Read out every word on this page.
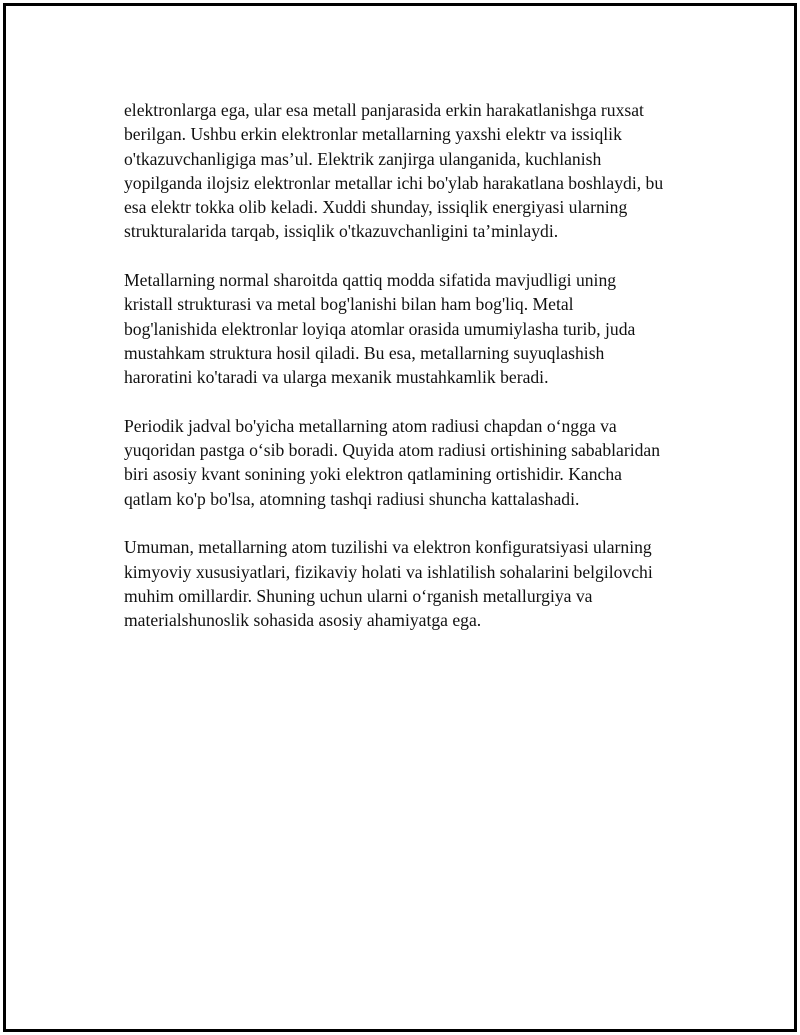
elektronlarga ega, ular esa metall panjarasida erkin harakatlanishga ruxsat
berilgan. Ushbu erkin elektronlar metallarning yaxshi elektr va issiqlik
o'tkazuvchanligiga mas’ul. Elektrik zanjirga ulanganida, kuchlanish
yopilganda ilojsiz elektronlar metallar ichi bo'ylab harakatlana boshlaydi, bu
esa elektr tokka olib keladi. Xuddi shunday, issiqlik energiyasi ularning
strukturalarida tarqab, issiqlik o'tkazuvchanligini ta’minlaydi.

Metallarning normal sharoitda qattiq modda sifatida mavjudligi uning
kristall strukturasi va metal bog'lanishi bilan ham bog'liq. Metal
bog'lanishida elektronlar loyiqa atomlar orasida umumiylasha turib, juda
mustahkam struktura hosil qiladi. Bu esa, metallarning suyuqlashish
haroratini ko'taradi va ularga mexanik mustahkamlik beradi.

Periodik jadval bo'yicha metallarning atom radiusi chapdan o‘ngga va
yuqoridan pastga o‘sib boradi. Quyida atom radiusi ortishining sabablaridan
biri asosiy kvant sonining yoki elektron qatlamining ortishidir. Kancha
qatlam ko'p bo'lsa, atomning tashqi radiusi shuncha kattalashadi.

Umuman, metallarning atom tuzilishi va elektron konfiguratsiyasi ularning
kimyoviy xususiyatlari, fizikaviy holati va ishlatilish sohalarini belgilovchi
muhim omillardir. Shuning uchun ularni o‘rganish metallurgiya va
materialshunoslik sohasida asosiy ahamiyatga ega.
